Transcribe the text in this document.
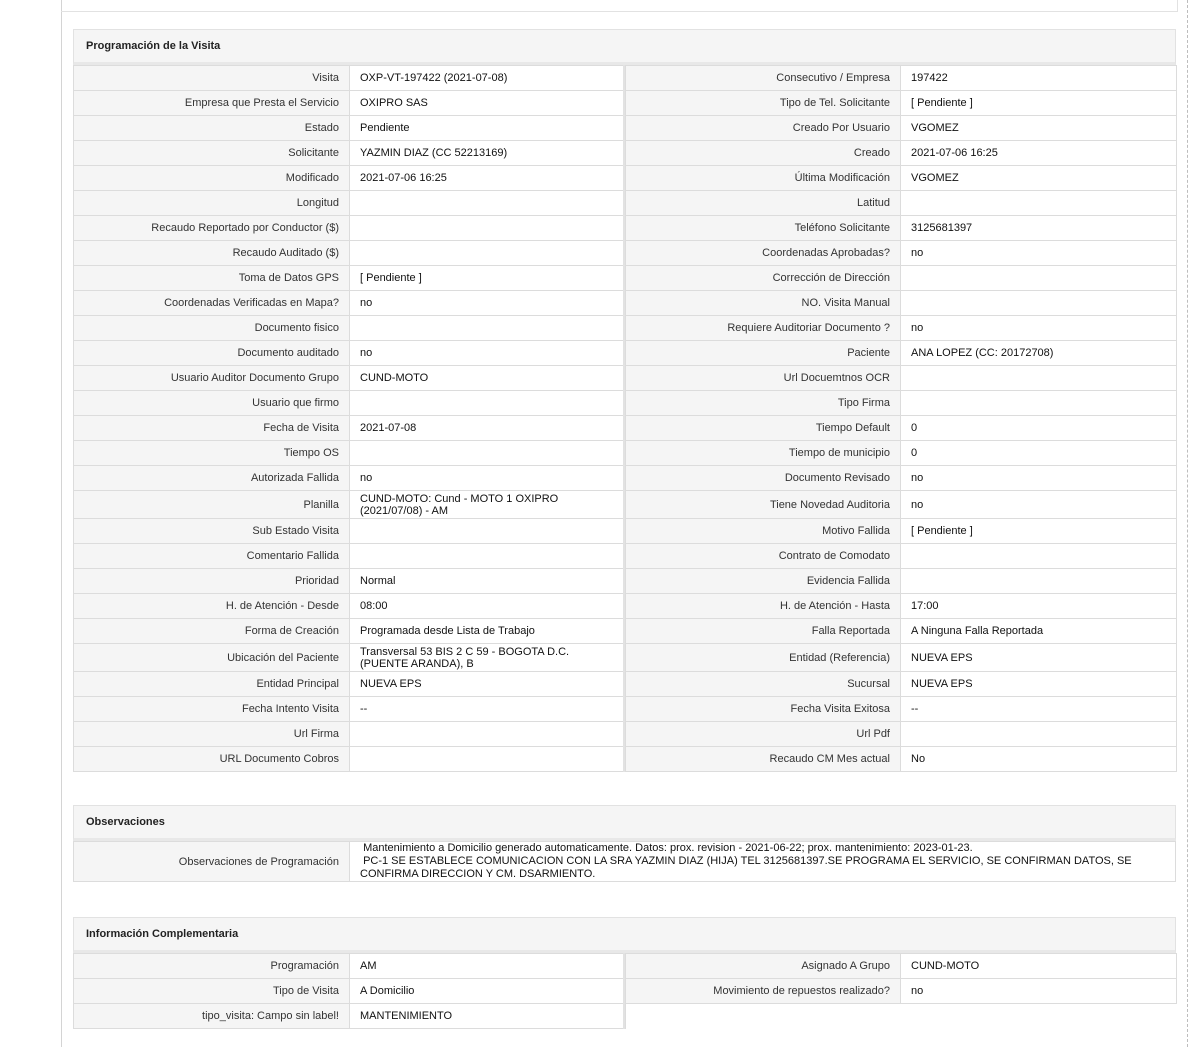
Programación de la Visita
Visita	OXP-VT-197422 (2021-07-08)		Consecutivo / Empresa	197422
Empresa que Presta el Servicio	OXIPRO SAS		Tipo de Tel. Solicitante	[ Pendiente ]
Estado	Pendiente		Creado Por Usuario	VGOMEZ
Solicitante	YAZMIN DIAZ (CC 52213169)		Creado	2021-07-06 16:25
Modificado	2021-07-06 16:25		Última Modificación	VGOMEZ
Longitud			Latitud	
Recaudo Reportado por Conductor ($)			Teléfono Solicitante	3125681397
Recaudo Auditado ($)			Coordenadas Aprobadas?	no
Toma de Datos GPS	[ Pendiente ]		Corrección de Dirección	
Coordenadas Verificadas en Mapa?	no		NO. Visita Manual	
Documento fisico			Requiere Auditoriar Documento ?	no
Documento auditado	no		Paciente	ANA LOPEZ (CC: 20172708)
Usuario Auditor Documento Grupo	CUND-MOTO		Url Docuemtnos OCR	
Usuario que firmo			Tipo Firma	
Fecha de Visita	2021-07-08		Tiempo Default	0
Tiempo OS			Tiempo de municipio	0
Autorizada Fallida	no		Documento Revisado	no
Planilla	CUND-MOTO: Cund - MOTO 1 OXIPRO (2021/07/08) - AM		Tiene Novedad Auditoria	no
Sub Estado Visita			Motivo Fallida	[ Pendiente ]
Comentario Fallida			Contrato de Comodato	
Prioridad	Normal		Evidencia Fallida	
H. de Atención - Desde	08:00		H. de Atención - Hasta	17:00
Forma de Creación	Programada desde Lista de Trabajo		Falla Reportada	A Ninguna Falla Reportada
Ubicación del Paciente	Transversal 53 BIS 2 C 59 - BOGOTA D.C. (PUENTE ARANDA), B		Entidad (Referencia)	NUEVA EPS
Entidad Principal	NUEVA EPS		Sucursal	NUEVA EPS
Fecha Intento Visita	--		Fecha Visita Exitosa	--
Url Firma			Url Pdf	
URL Documento Cobros			Recaudo CM Mes actual	No
Observaciones
Observaciones de Programación	
Mantenimiento a Domicilio generado automaticamente. Datos: prox. revision - 2021-06-22; prox. mantenimiento: 2023-01-23.
PC-1 SE ESTABLECE COMUNICACION CON LA SRA YAZMIN DIAZ (HIJA) TEL 3125681397.SE PROGRAMA EL SERVICIO, SE CONFIRMAN DATOS, SE CONFIRMA DIRECCION Y CM. DSARMIENTO.
Información Complementaria
Programación	AM		Asignado A Grupo	CUND-MOTO
Tipo de Visita	A Domicilio		Movimiento de repuestos realizado?	no
tipo_visita: Campo sin label!	MANTENIMIENTO			
